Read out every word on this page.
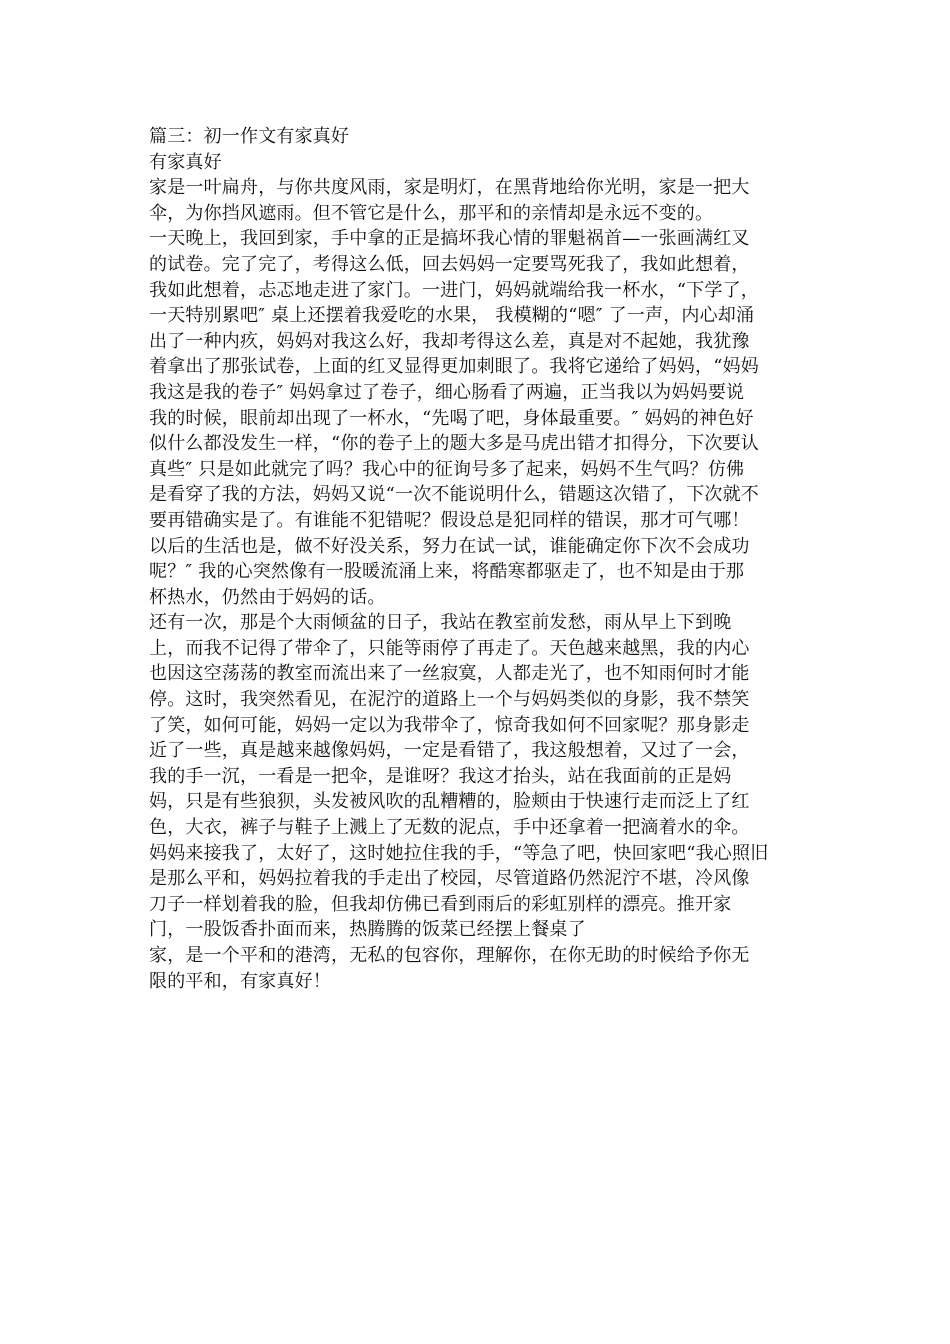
篇三：初一作文有家真好
有家真好
家是一叶扁舟，与你共度风雨，家是明灯，在黑背地给你光明，家是一把大
伞，为你挡风遮雨。但不管它是什么，那平和的亲情却是永远不变的。
一天晚上，我回到家，手中拿的正是搞坏我心情的罪魁祸首—一张画满红叉
的试卷。完了完了，考得这么低，回去妈妈一定要骂死我了，我如此想着，
我如此想着，忐忑地走进了家门。一进门，妈妈就端给我一杯水，“下学了，
一天特别累吧″ 桌上还摆着我爱吃的水果， 我模糊的“嗯″ 了一声，内心却涌
出了一种内疚，妈妈对我这么好，我却考得这么差，真是对不起她，我犹豫
着拿出了那张试卷，上面的红叉显得更加刺眼了。我将它递给了妈妈，“妈妈
我这是我的卷子″ 妈妈拿过了卷子，细心肠看了两遍，正当我以为妈妈要说
我的时候，眼前却出现了一杯水，“先喝了吧，身体最重要。″ 妈妈的神色好
似什么都没发生一样，“你的卷子上的题大多是马虎出错才扣得分，下次要认
真些″ 只是如此就完了吗？我心中的征询号多了起来，妈妈不生气吗？仿佛
是看穿了我的方法，妈妈又说“一次不能说明什么，错题这次错了，下次就不
要再错确实是了。有谁能不犯错呢？假设总是犯同样的错误，那才可气哪！
以后的生活也是，做不好没关系，努力在试一试，谁能确定你下次不会成功
呢？″ 我的心突然像有一股暖流涌上来，将酷寒都驱走了，也不知是由于那
杯热水，仍然由于妈妈的话。
还有一次，那是个大雨倾盆的日子，我站在教室前发愁，雨从早上下到晚
上，而我不记得了带伞了，只能等雨停了再走了。天色越来越黑，我的内心
也因这空荡荡的教室而流出来了一丝寂寞，人都走光了，也不知雨何时才能
停。这时，我突然看见，在泥泞的道路上一个与妈妈类似的身影，我不禁笑
了笑，如何可能，妈妈一定以为我带伞了，惊奇我如何不回家呢？那身影走
近了一些，真是越来越像妈妈，一定是看错了，我这般想着，又过了一会，
我的手一沉，一看是一把伞，是谁呀？我这才抬头，站在我面前的正是妈
妈，只是有些狼狈，头发被风吹的乱糟糟的，脸颊由于快速行走而泛上了红
色，大衣，裤子与鞋子上溅上了无数的泥点，手中还拿着一把滴着水的伞。
妈妈来接我了，太好了，这时她拉住我的手，“等急了吧，快回家吧“我心照旧
是那么平和，妈妈拉着我的手走出了校园，尽管道路仍然泥泞不堪，冷风像
刀子一样划着我的脸，但我却仿佛已看到雨后的彩虹别样的漂亮。推开家
门，一股饭香扑面而来，热腾腾的饭菜已经摆上餐桌了
家，是一个平和的港湾，无私的包容你，理解你，在你无助的时候给予你无
限的平和，有家真好！
